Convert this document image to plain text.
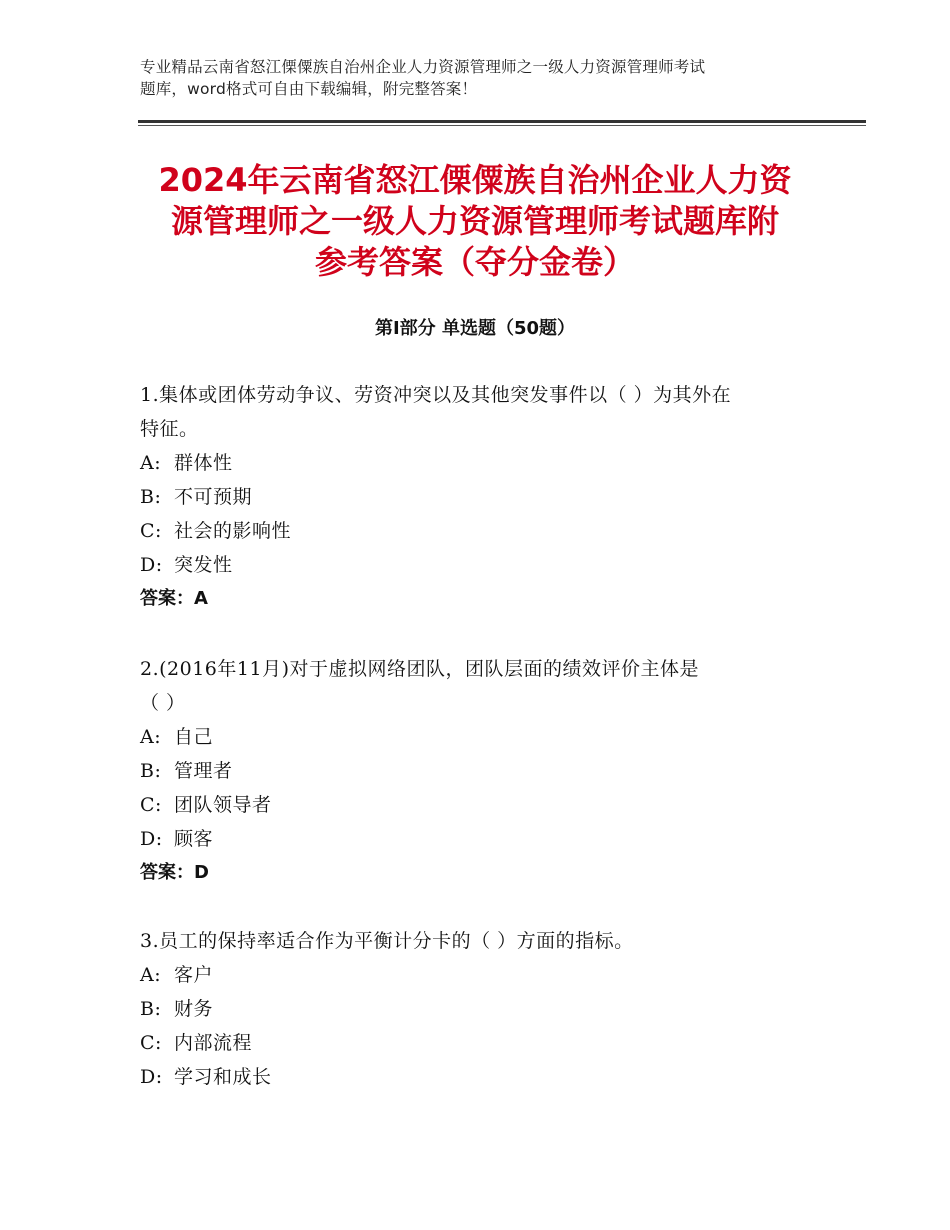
专业精品云南省怒江傈僳族自治州企业人力资源管理师之一级人力资源管理师考试
题库，word格式可自由下载编辑，附完整答案！
2024年云南省怒江傈僳族自治州企业人力资
源管理师之一级人力资源管理师考试题库附
参考答案（夺分金卷）
第Ⅰ部分 单选题（50题）
1.集体或团体劳动争议、劳资冲突以及其他突发事件以（ ）为其外在
特征。
A: 群体性
B: 不可预期
C: 社会的影响性
D: 突发性
答案：A
2.(2016年11月)对于虚拟网络团队，团队层面的绩效评价主体是
（ ）
A: 自己
B: 管理者
C: 团队领导者
D: 顾客
答案：D
3.员工的保持率适合作为平衡计分卡的（ ）方面的指标。
A: 客户
B: 财务
C: 内部流程
D: 学习和成长
